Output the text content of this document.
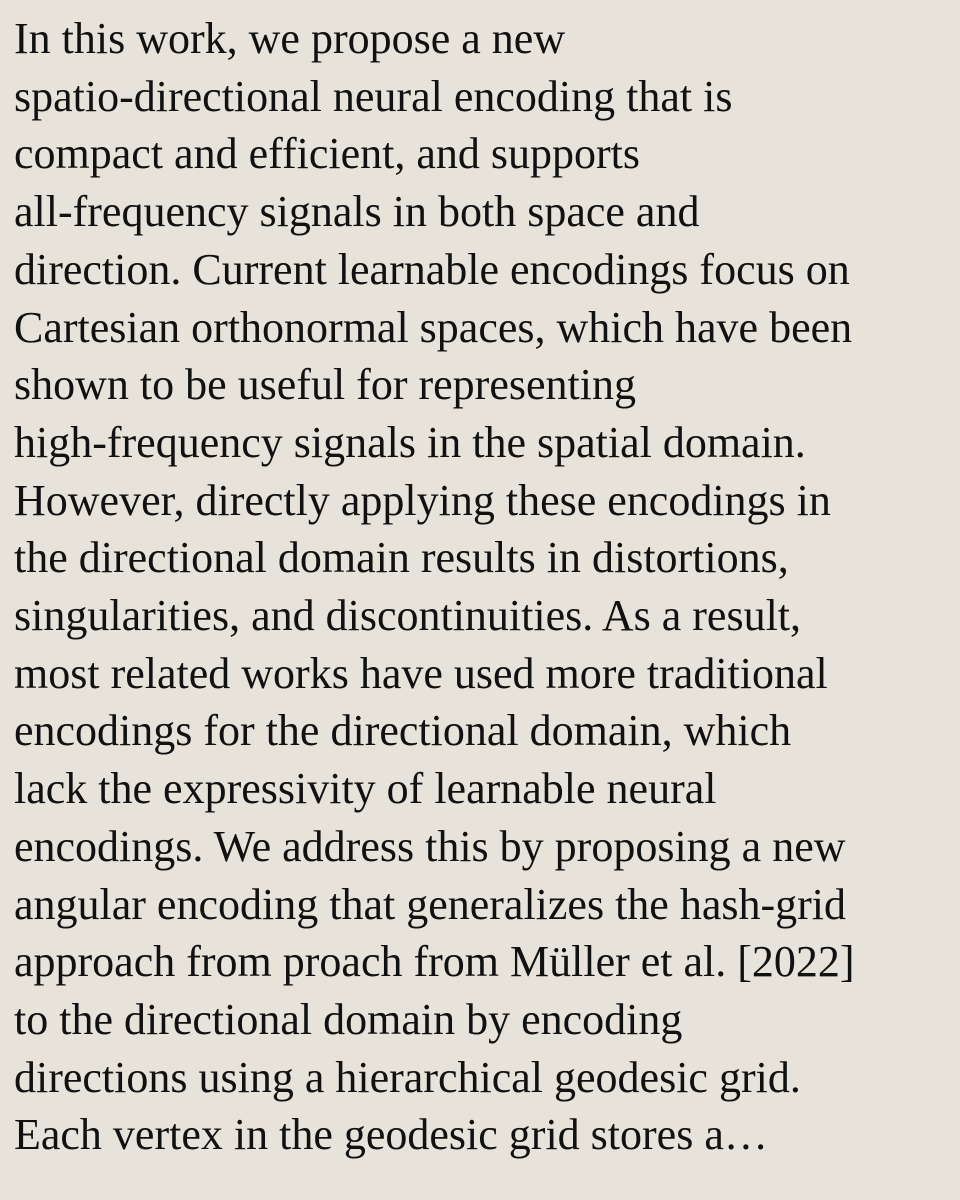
In this work, we propose a new
spatio-directional neural encoding that is
compact and efficient, and supports
all-frequency signals in both space and
direction. Current learnable encodings focus on
Cartesian orthonormal spaces, which have been
shown to be useful for representing
high-frequency signals in the spatial domain.
However, directly applying these encodings in
the directional domain results in distortions,
singularities, and discontinuities. As a result,
most related works have used more traditional
encodings for the directional domain, which
lack the expressivity of learnable neural
encodings. We address this by proposing a new
angular encoding that generalizes the hash-grid
approach from proach from Müller et al. [2022]
to the directional domain by encoding
directions using a hierarchical geodesic grid.
Each vertex in the geodesic grid stores a…
